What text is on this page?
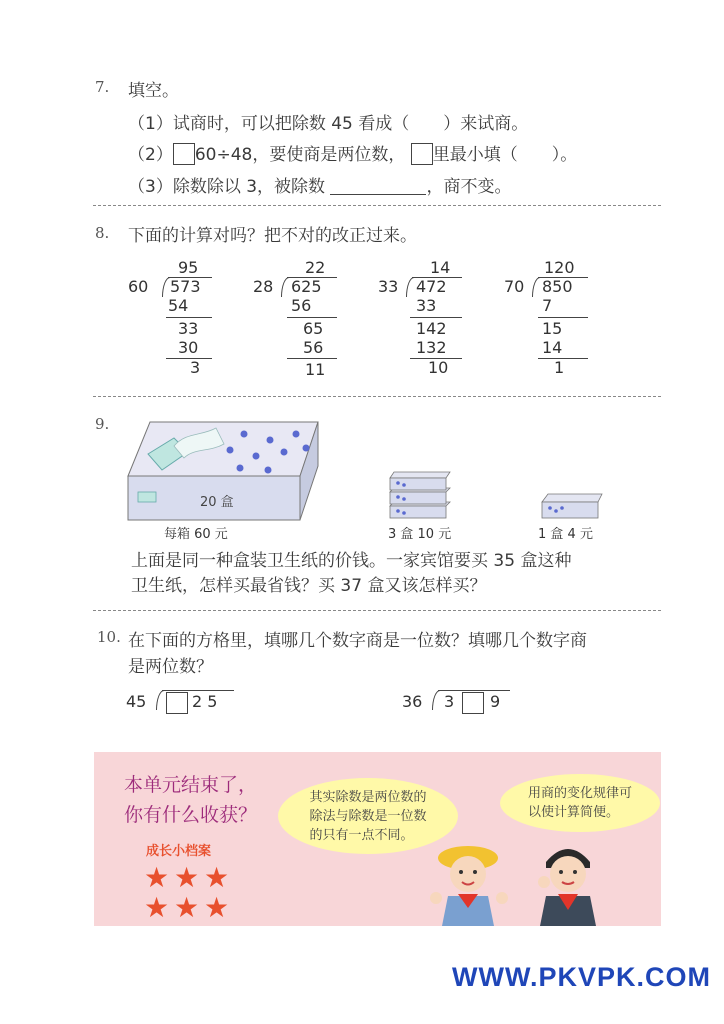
7. 填空。
（1）试商时，可以把除数 45 看成（　　）来试商。
（2） 60÷48，要使商是两位数， 里最小填（　　）。
（3）除数除以 3，被除数	，商不变。
8. 下面的计算对吗？把不对的改正过来。
95
60 573
54
33
30
3
22
28 625
56
65
56
11
14
33 472
33
142
132
10
120
70 850
7
15
14
1
9.
20 盒
每箱 60 元	3 盒 10 元	1 盒 4 元
上面是同一种盒装卫生纸的价钱。一家宾馆要买 35 盒这种
卫生纸，怎样买最省钱？买 37 盒又该怎样买？
10. 在下面的方格里，填哪几个数字商是一位数？填哪几个数字商
是两位数？
45	2 5	36 3 9
本单元结束了，
你有什么收获？
成长小档案
★ ★ ★
★ ★ ★
其实除数是两位数的
除法与除数是一位数
的只有一点不同。
用商的变化规律可
以使计算简便。
WWW.PKVPK.COM
